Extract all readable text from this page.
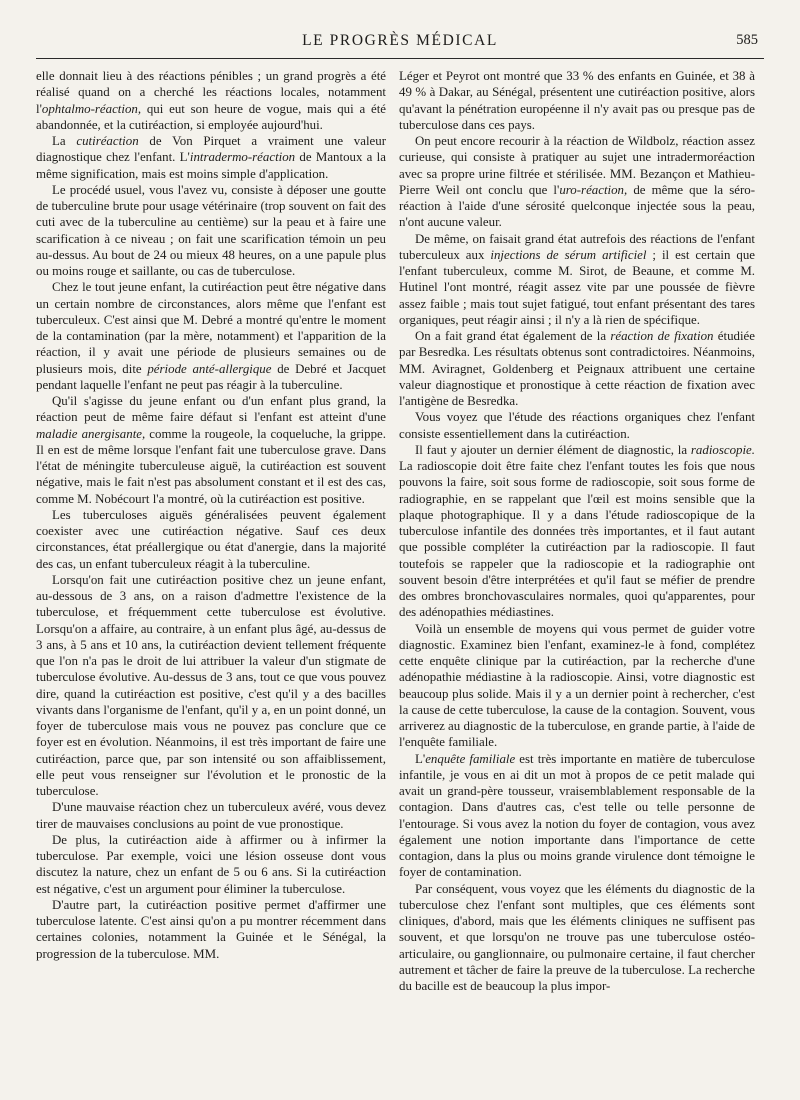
LE PROGRÈS MÉDICAL	585

elle donnait lieu à des réactions pénibles ; un grand progrès a été réalisé quand on a cherché les réactions locales, notamment l'ophtalmo-réaction, qui eut son heure de vogue, mais qui a été abandonnée, et la cutiréaction, si employée aujourd'hui.

La cutiréaction de Von Pirquet a vraiment une valeur diagnostique chez l'enfant. L'intradermo-réaction de Mantoux a la même signification, mais est moins simple d'application.

Le procédé usuel, vous l'avez vu, consiste à déposer une goutte de tuberculine brute pour usage vétérinaire (trop souvent on fait des cuti avec de la tuberculine au centième) sur la peau et à faire une scarification à ce niveau ; on fait une scarification témoin un peu au-dessus. Au bout de 24 ou mieux 48 heures, on a une papule plus ou moins rouge et saillante, ou cas de tuberculose.

Chez le tout jeune enfant, la cutiréaction peut être négative dans un certain nombre de circonstances, alors même que l'enfant est tuberculeux. C'est ainsi que M. Debré a montré qu'entre le moment de la contamination (par la mère, notamment) et l'apparition de la réaction, il y avait une période de plusieurs semaines ou de plusieurs mois, dite période anté-allergique de Debré et Jacquet pendant laquelle l'enfant ne peut pas réagir à la tuberculine.

Qu'il s'agisse du jeune enfant ou d'un enfant plus grand, la réaction peut de même faire défaut si l'enfant est atteint d'une maladie anergisante, comme la rougeole, la coqueluche, la grippe. Il en est de même lorsque l'enfant fait une tuberculose grave. Dans l'état de méningite tuberculeuse aiguë, la cutiréaction est souvent négative, mais le fait n'est pas absolument constant et il est des cas, comme M. Nobécourt l'a montré, où la cutiréaction est positive.

Les tuberculoses aiguës généralisées peuvent également coexister avec une cutiréaction négative. Sauf ces deux circonstances, état préallergique ou état d'anergie, dans la majorité des cas, un enfant tuberculeux réagit à la tuberculine.

Lorsqu'on fait une cutiréaction positive chez un jeune enfant, au-dessous de 3 ans, on a raison d'admettre l'existence de la tuberculose, et fréquemment cette tuberculose est évolutive. Lorsqu'on a affaire, au contraire, à un enfant plus âgé, au-dessus de 3 ans, à 5 ans et 10 ans, la cutiréaction devient tellement fréquente que l'on n'a pas le droit de lui attribuer la valeur d'un stigmate de tuberculose évolutive. Au-dessus de 3 ans, tout ce que vous pouvez dire, quand la cutiréaction est positive, c'est qu'il y a des bacilles vivants dans l'organisme de l'enfant, qu'il y a, en un point donné, un foyer de tuberculose mais vous ne pouvez pas conclure que ce foyer est en évolution. Néanmoins, il est très important de faire une cutiréaction, parce que, par son intensité ou son affaiblissement, elle peut vous renseigner sur l'évolution et le pronostic de la tuberculose.

D'une mauvaise réaction chez un tuberculeux avéré, vous devez tirer de mauvaises conclusions au point de vue pronostique.

De plus, la cutiréaction aide à affirmer ou à infirmer la tuberculose. Par exemple, voici une lésion osseuse dont vous discutez la nature, chez un enfant de 5 ou 6 ans. Si la cutiréaction est négative, c'est un argument pour éliminer la tuberculose.

D'autre part, la cutiréaction positive permet d'affirmer une tuberculose latente. C'est ainsi qu'on a pu montrer récemment dans certaines colonies, notamment la Guinée et le Sénégal, la progression de la tuberculose. MM.

Léger et Peyrot ont montré que 33 % des enfants en Guinée, et 38 à 49 % à Dakar, au Sénégal, présentent une cutiréaction positive, alors qu'avant la pénétration européenne il n'y avait pas ou presque pas de tuberculose dans ces pays.

On peut encore recourir à la réaction de Wildbolz, réaction assez curieuse, qui consiste à pratiquer au sujet une intradermoréaction avec sa propre urine filtrée et stérilisée. MM. Bezançon et Mathieu-Pierre Weil ont conclu que l'uro-réaction, de même que la séro-réaction à l'aide d'une sérosité quelconque injectée sous la peau, n'ont aucune valeur.

De même, on faisait grand état autrefois des réactions de l'enfant tuberculeux aux injections de sérum artificiel ; il est certain que l'enfant tuberculeux, comme M. Sirot, de Beaune, et comme M. Hutinel l'ont montré, réagit assez vite par une poussée de fièvre assez faible ; mais tout sujet fatigué, tout enfant présentant des tares organiques, peut réagir ainsi ; il n'y a là rien de spécifique.

On a fait grand état également de la réaction de fixation étudiée par Besredka. Les résultats obtenus sont contradictoires. Néanmoins, MM. Aviragnet, Goldenberg et Peignaux attribuent une certaine valeur diagnostique et pronostique à cette réaction de fixation avec l'antigène de Besredka.

Vous voyez que l'étude des réactions organiques chez l'enfant consiste essentiellement dans la cutiréaction.

Il faut y ajouter un dernier élément de diagnostic, la radioscopie. La radioscopie doit être faite chez l'enfant toutes les fois que nous pouvons la faire, soit sous forme de radioscopie, soit sous forme de radiographie, en se rappelant que l'œil est moins sensible que la plaque photographique. Il y a dans l'étude radioscopique de la tuberculose infantile des données très importantes, et il faut autant que possible compléter la cutiréaction par la radioscopie. Il faut toutefois se rappeler que la radioscopie et la radiographie ont souvent besoin d'être interprétées et qu'il faut se méfier de prendre des ombres bronchovasculaires normales, quoi qu'apparentes, pour des adénopathies médiastines.

Voilà un ensemble de moyens qui vous permet de guider votre diagnostic. Examinez bien l'enfant, examinez-le à fond, complétez cette enquête clinique par la cutiréaction, par la recherche d'une adénopathie médiastine à la radioscopie. Ainsi, votre diagnostic est beaucoup plus solide. Mais il y a un dernier point à rechercher, c'est la cause de cette tuberculose, la cause de la contagion. Souvent, vous arriverez au diagnostic de la tuberculose, en grande partie, à l'aide de l'enquête familiale.

L'enquête familiale est très importante en matière de tuberculose infantile, je vous en ai dit un mot à propos de ce petit malade qui avait un grand-père tousseur, vraisemblablement responsable de la contagion. Dans d'autres cas, c'est telle ou telle personne de l'entourage. Si vous avez la notion du foyer de contagion, vous avez également une notion importante dans l'importance de cette contagion, dans la plus ou moins grande virulence dont témoigne le foyer de contamination.

Par conséquent, vous voyez que les éléments du diagnostic de la tuberculose chez l'enfant sont multiples, que ces éléments sont cliniques, d'abord, mais que les éléments cliniques ne suffisent pas souvent, et que lorsqu'on ne trouve pas une tuberculose ostéo-articulaire, ou ganglionnaire, ou pulmonaire certaine, il faut chercher autrement et tâcher de faire la preuve de la tuberculose. La recherche du bacille est de beaucoup la plus impor-
